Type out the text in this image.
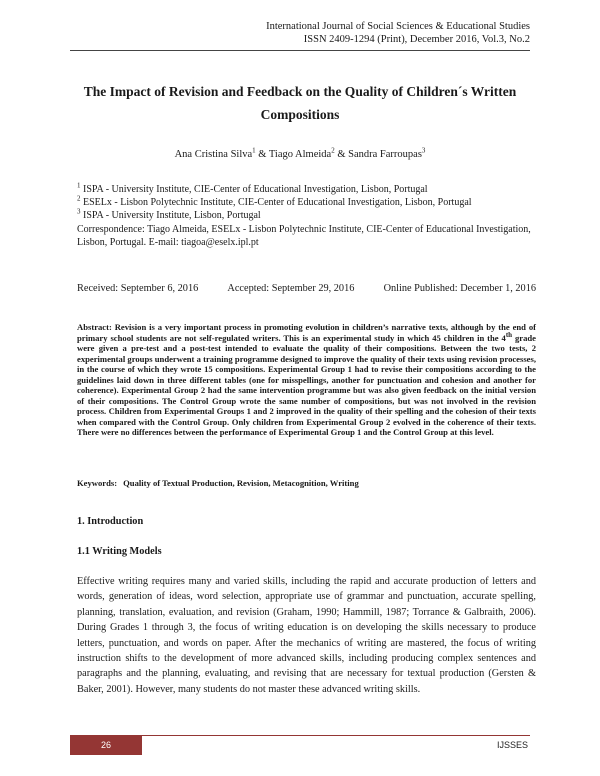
International Journal of Social Sciences & Educational Studies
ISSN 2409-1294 (Print), December 2016, Vol.3, No.2
The Impact of Revision and Feedback on the Quality of Children´s Written Compositions
Ana Cristina Silva$^1$ & Tiago Almeida$^2$ & Sandra Farroupas$^3$
$^1$ ISPA - University Institute, CIE-Center of Educational Investigation, Lisbon, Portugal
$^2$ ESELx - Lisbon Polytechnic Institute, CIE-Center of Educational Investigation, Lisbon, Portugal
$^3$ ISPA - University Institute, Lisbon, Portugal
Correspondence: Tiago Almeida, ESELx - Lisbon Polytechnic Institute, CIE-Center of Educational Investigation, Lisbon, Portugal. E-mail: tiagoa@eselx.ipl.pt
Received: September 6, 2016	Accepted: September 29, 2016	Online Published: December 1, 2016
Abstract: Revision is a very important process in promoting evolution in children’s narrative texts, although by the end of primary school students are not self-regulated writers. This is an experimental study in which 45 children in the 4th grade were given a pre-test and a post-test intended to evaluate the quality of their compositions. Between the two tests, 2 experimental groups underwent a training programme designed to improve the quality of their texts using revision processes, in the course of which they wrote 15 compositions. Experimental Group 1 had to revise their compositions according to the guidelines laid down in three different tables (one for misspellings, another for punctuation and cohesion and another for coherence). Experimental Group 2 had the same intervention programme but was also given feedback on the initial version of their compositions. The Control Group wrote the same number of compositions, but was not involved in the revision process. Children from Experimental Groups 1 and 2 improved in the quality of their spelling and the cohesion of their texts when compared with the Control Group. Only children from Experimental Group 2 evolved in the coherence of their texts. There were no differences between the performance of Experimental Group 1 and the Control Group at this level.
Keywords: Quality of Textual Production, Revision, Metacognition, Writing
1. Introduction
1.1 Writing Models
Effective writing requires many and varied skills, including the rapid and accurate production of letters and words, generation of ideas, word selection, appropriate use of grammar and punctuation, accurate spelling, planning, translation, evaluation, and revision (Graham, 1990; Hammill, 1987; Torrance & Galbraith, 2006). During Grades 1 through 3, the focus of writing education is on developing the skills necessary to produce letters, punctuation, and words on paper. After the mechanics of writing are mastered, the focus of writing instruction shifts to the development of more advanced skills, including producing complex sentences and paragraphs and the planning, evaluating, and revising that are necessary for textual production (Gersten & Baker, 2001). However, many students do not master these advanced writing skills.
26	IJSSES
